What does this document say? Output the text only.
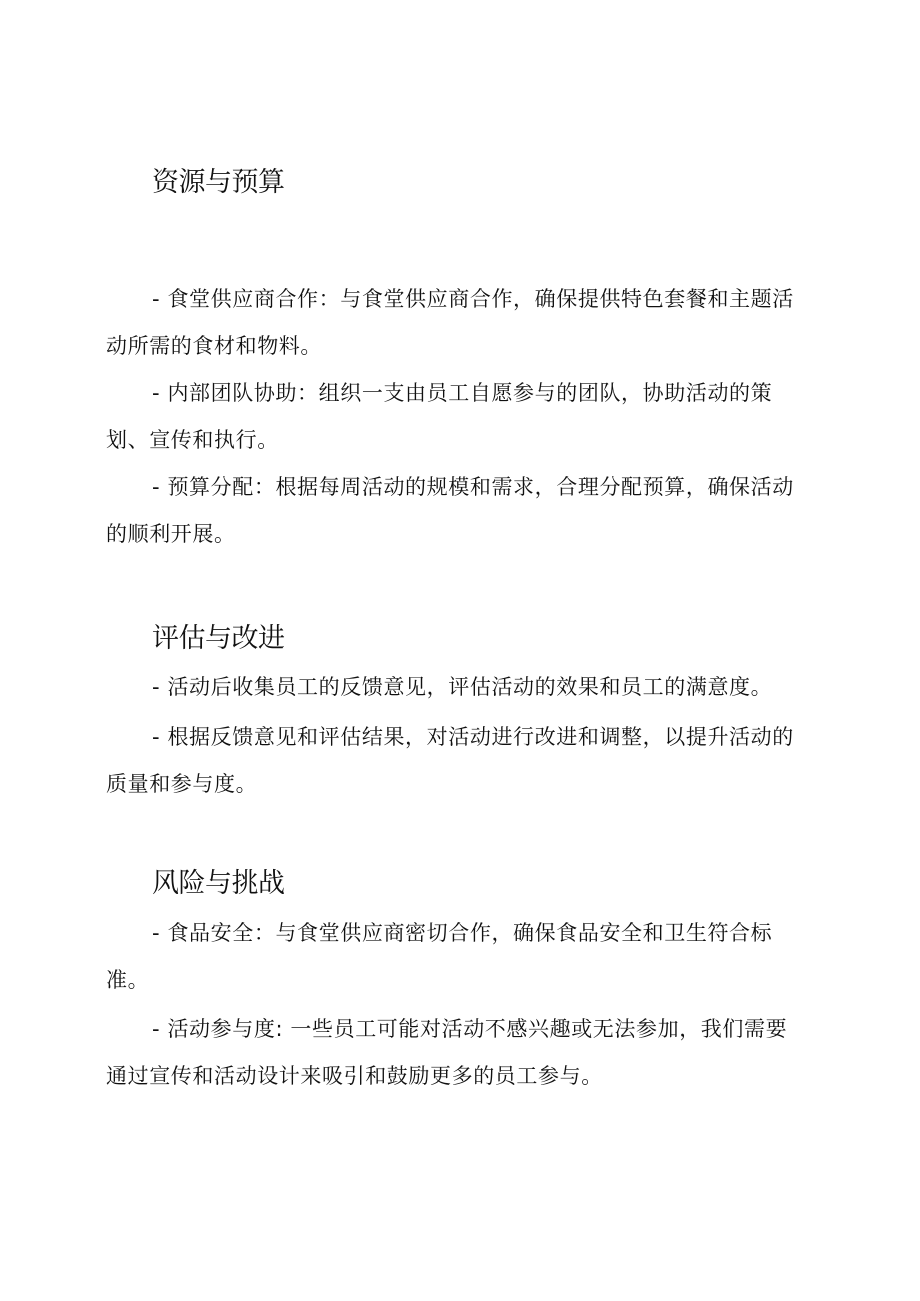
资源与预算

- 食堂供应商合作：与食堂供应商合作，确保提供特色套餐和主题活动所需的食材和物料。

- 内部团队协助：组织一支由员工自愿参与的团队，协助活动的策划、宣传和执行。

- 预算分配：根据每周活动的规模和需求，合理分配预算，确保活动的顺利开展。

评估与改进

- 活动后收集员工的反馈意见，评估活动的效果和员工的满意度。

- 根据反馈意见和评估结果，对活动进行改进和调整，以提升活动的质量和参与度。

风险与挑战

- 食品安全：与食堂供应商密切合作，确保食品安全和卫生符合标准。

- 活动参与度: 一些员工可能对活动不感兴趣或无法参加，我们需要通过宣传和活动设计来吸引和鼓励更多的员工参与。
